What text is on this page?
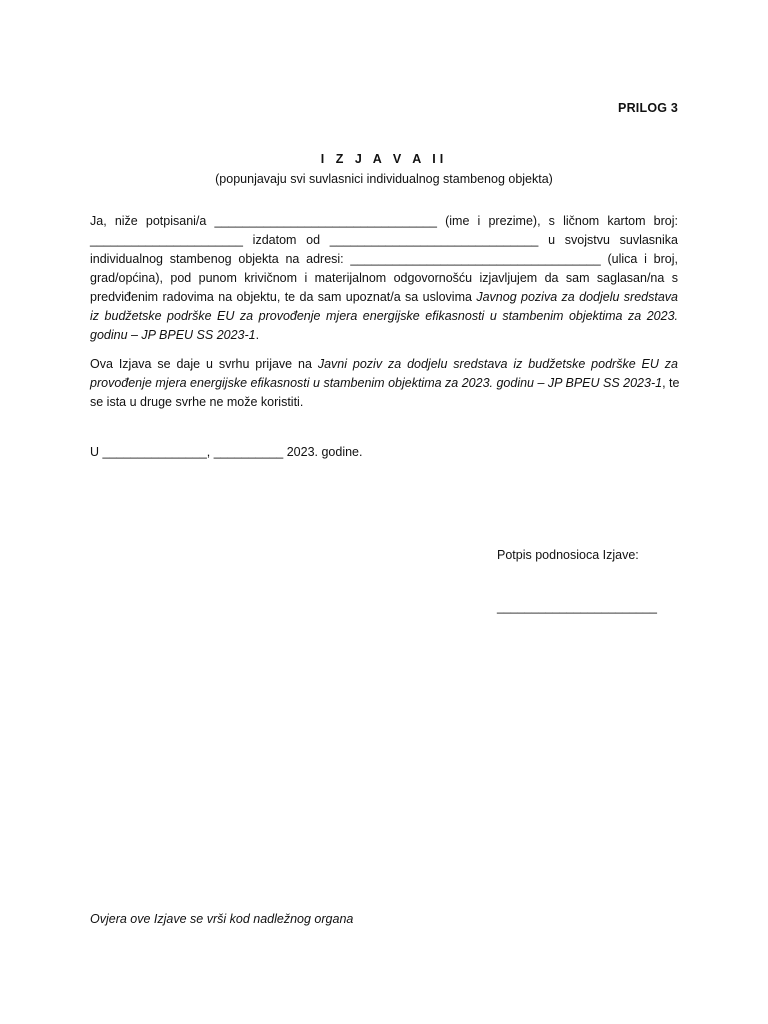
PRILOG 3
I Z J A V A II
(popunjavaju svi suvlasnici individualnog stambenog objekta)
Ja, niže potpisani/a ________________________________ (ime i prezime), s ličnom kartom broj:
______________________ izdatom od ______________________________ u svojstvu suvlasnika
individualnog stambenog objekta na adresi: ____________________________________ (ulica i broj,
grad/općina), pod punom krivičnom i materijalnom odgovornošću izjavljujem da sam saglasan/na s
predviđenim radovima na objektu, te da sam upoznat/a sa uslovima Javnog poziva za dodjelu sredstava
iz budžetske podrške EU za provođenje mjera energijske efikasnosti u stambenim objektima za 2023.
godinu – JP BPEU SS 2023-1.
Ova Izjava se daje u svrhu prijave na Javni poziv za dodjelu sredstava iz budžetske podrške EU za
provođenje mjera energijske efikasnosti u stambenim objektima za 2023. godinu – JP BPEU SS 2023-1, te
se ista u druge svrhe ne može koristiti.
U _______________, __________ 2023. godine.
Potpis podnosioca Izjave:
_______________________
Ovjera ove Izjave se vrši kod nadležnog organa
